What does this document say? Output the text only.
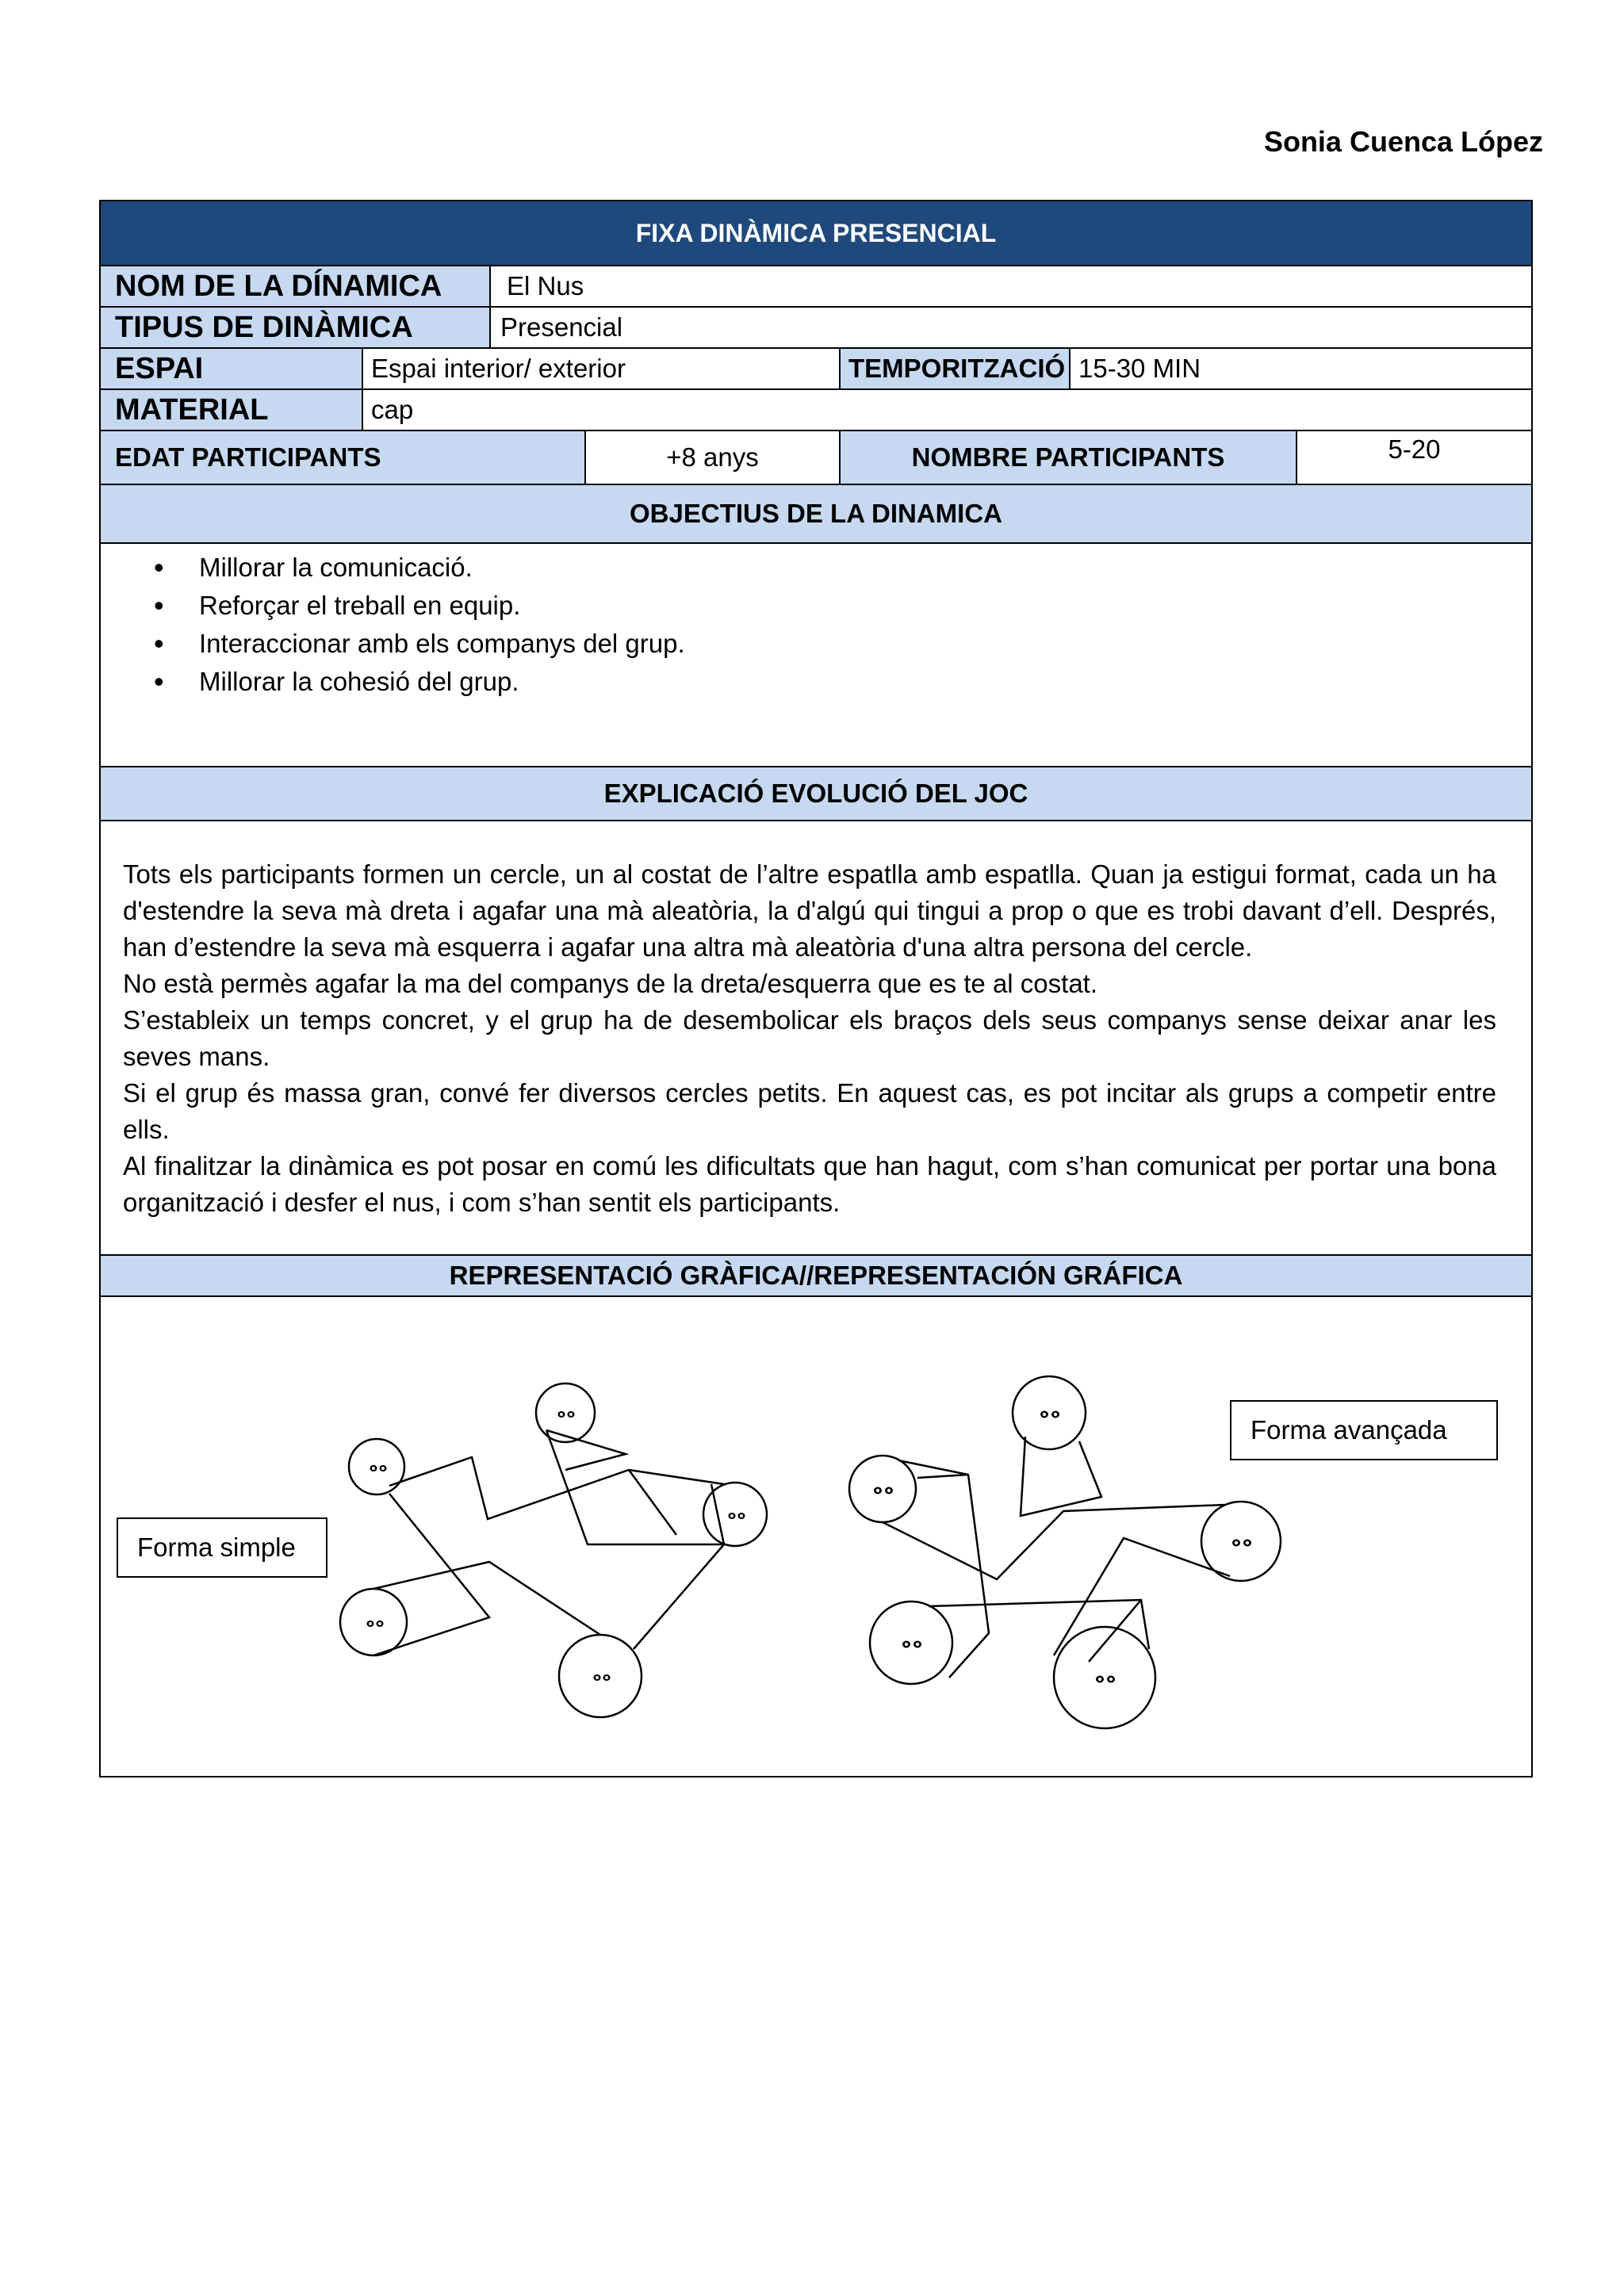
Sonia Cuenca López
FIXA DINÀMICA PRESENCIAL
NOM DE LA DÍNAMICA	El Nus
TIPUS DE DINÀMICA	Presencial
ESPAI	Espai interior/ exterior	TEMPORITZACIÓ 15-30 MIN
MATERIAL	cap
EDAT PARTICIPANTS	+8 anys	NOMBRE PARTICIPANTS	5-20
OBJECTIUS DE LA DINAMICA
• Millorar la comunicació.
• Reforçar el treball en equip.
• Interaccionar amb els companys del grup.
• Millorar la cohesió del grup.
EXPLICACIÓ EVOLUCIÓ DEL JOC

Tots els participants formen un cercle, un al costat de l’altre espatlla amb espatlla. Quan ja estigui format, cada un ha d'estendre la seva mà dreta i agafar una mà aleatòria, la d'algú qui tingui a prop o que es trobi davant d’ell. Després, han d’estendre la seva mà esquerra i agafar una altra mà aleatòria d'una altra persona del cercle.

No està permès agafar la ma del companys de la dreta/esquerra que es te al costat.

S’estableix un temps concret, y el grup ha de desembolicar els braços dels seus companys sense deixar anar les seves mans.

Si el grup és massa gran, convé fer diversos cercles petits. En aquest cas, es pot incitar als grups a competir entre ells.

Al finalitzar la dinàmica es pot posar en comú les dificultats que han hagut, com s’han comunicat per portar una bona organització i desfer el nus, i com s’han sentit els participants.

REPRESENTACIÓ GRÀFICA//REPRESENTACIÓN GRÁFICA
Forma simple
Forma avançada
